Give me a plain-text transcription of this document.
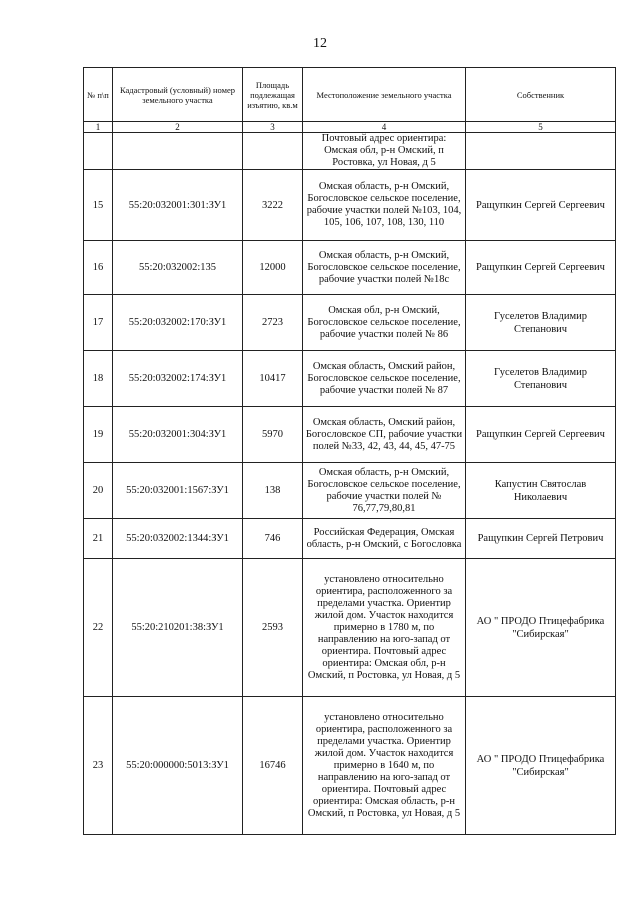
12
№ п\п	Кадастровый (условный) номер земельного участка	Площадь подлежащая изъятию, кв.м	Местоположение земельного участка	Собственник
1	2	3	4	5
			Почтовый адрес ориентира: Омская обл, р-н Омский, п Ростовка, ул Новая, д 5	
15	55:20:032001:301:ЗУ1	3222	Омская область, р-н Омский, Богословское сельское поселение, рабочие участки полей №103, 104, 105, 106, 107, 108, 130, 110	Ращупкин Сергей Сергеевич
16	55:20:032002:135	12000	Омская область, р-н Омский, Богословское сельское поселение, рабочие участки полей №18с	Ращупкин Сергей Сергеевич
17	55:20:032002:170:ЗУ1	2723	Омская обл, р-н Омский, Богословское сельское поселение, рабочие участки полей № 86	Гуселетов Владимир Степанович
18	55:20:032002:174:ЗУ1	10417	Омская область, Омский район, Богословское сельское поселение, рабочие участки полей № 87	Гуселетов Владимир Степанович
19	55:20:032001:304:ЗУ1	5970	Омская область, Омский район, Богословское СП, рабочие участки полей №33, 42, 43, 44, 45, 47-75	Ращупкин Сергей Сергеевич
20	55:20:032001:1567:ЗУ1	138	Омская область, р-н Омский, Богословское сельское поселение, рабочие участки полей № 76,77,79,80,81	Капустин Святослав Николаевич
21	55:20:032002:1344:ЗУ1	746	Российская Федерация, Омская область, р-н Омский, с Богословка	Ращупкин Сергей Петрович
22	55:20:210201:38:ЗУ1	2593	установлено относительно ориентира, расположенного за пределами участка. Ориентир жилой дом. Участок находится примерно в 1780 м, по направлению на юго-запад от ориентира. Почтовый адрес ориентира: Омская обл, р-н Омский, п Ростовка, ул Новая, д 5	АО " ПРОДО Птицефабрика "Сибирская"
23	55:20:000000:5013:ЗУ1	16746	установлено относительно ориентира, расположенного за пределами участка. Ориентир жилой дом. Участок находится примерно в 1640 м, по направлению на юго-запад от ориентира. Почтовый адрес ориентира: Омская область, р-н Омский, п Ростовка, ул Новая, д 5	АО " ПРОДО Птицефабрика "Сибирская"
